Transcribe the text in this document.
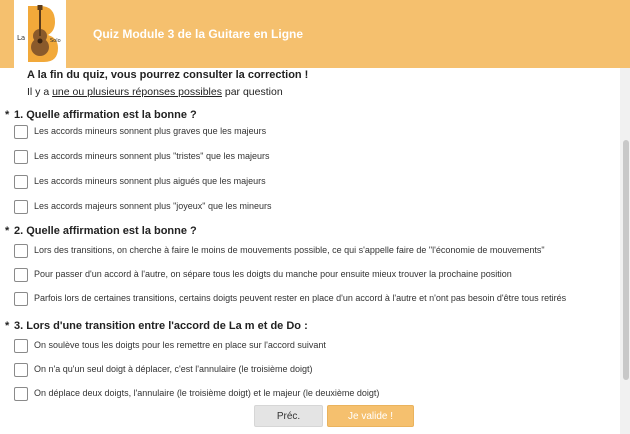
La	Solo	Quiz Module 3 de la Guitare en Ligne
A la fin du quiz, vous pourrez consulter la correction !
Il y a une ou plusieurs réponses possibles par question
* 1. Quelle affirmation est la bonne ?
Les accords mineurs sonnent plus graves que les majeurs
Les accords mineurs sonnent plus "tristes" que les majeurs
Les accords mineurs sonnent plus aigués que les majeurs
Les accords majeurs sonnent plus "joyeux" que les mineurs
* 2. Quelle affirmation est la bonne ?
Lors des transitions, on cherche à faire le moins de mouvements possible, ce qui s'appelle faire de "l'économie de mouvements"
Pour passer d'un accord à l'autre, on sépare tous les doigts du manche pour ensuite mieux trouver la prochaine position
Parfois lors de certaines transitions, certains doigts peuvent rester en place d'un accord à l'autre et n'ont pas besoin d'être tous retirés
* 3. Lors d'une transition entre l'accord de La m et de Do :
On soulève tous les doigts pour les remettre en place sur l'accord suivant
On n'a qu'un seul doigt à déplacer, c'est l'annulaire (le troisième doigt)
On déplace deux doigts, l'annulaire (le troisième doigt) et le majeur (le deuxième doigt)
Préc.	Je valide !
